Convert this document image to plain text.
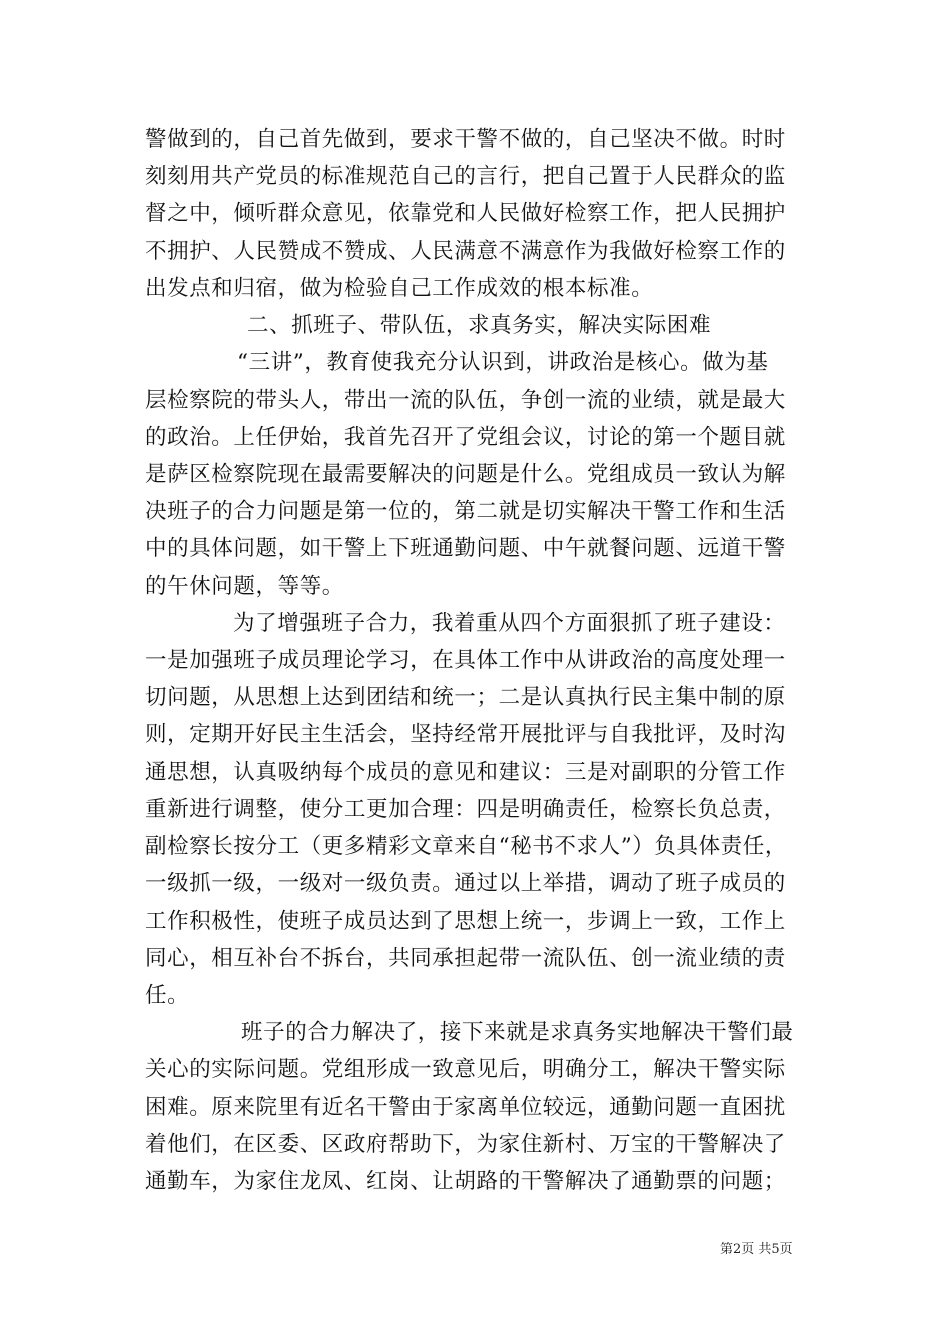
警做到的，自己首先做到，要求干警不做的，自己坚决不做。时时
刻刻用共产党员的标准规范自己的言行，把自己置于人民群众的监
督之中，倾听群众意见，依靠党和人民做好检察工作，把人民拥护
不拥护、人民赞成不赞成、人民满意不满意作为我做好检察工作的
出发点和归宿，做为检验自己工作成效的根本标准。
二、抓班子、带队伍，求真务实，解决实际困难
“三讲”，教育使我充分认识到，讲政治是核心。做为基
层检察院的带头人，带出一流的队伍，争创一流的业绩，就是最大
的政治。上任伊始，我首先召开了党组会议，讨论的第一个题目就
是萨区检察院现在最需要解决的问题是什么。党组成员一致认为解
决班子的合力问题是第一位的，第二就是切实解决干警工作和生活
中的具体问题，如干警上下班通勤问题、中午就餐问题、远道干警
的午休问题，等等。
为了增强班子合力，我着重从四个方面狠抓了班子建设：
一是加强班子成员理论学习，在具体工作中从讲政治的高度处理一
切问题，从思想上达到团结和统一；二是认真执行民主集中制的原
则，定期开好民主生活会，坚持经常开展批评与自我批评，及时沟
通思想，认真吸纳每个成员的意见和建议：三是对副职的分管工作
重新进行调整，使分工更加合理：四是明确责任，检察长负总责，
副检察长按分工（更多精彩文章来自“秘书不求人”）负具体责任，
一级抓一级，一级对一级负责。通过以上举措，调动了班子成员的
工作积极性，使班子成员达到了思想上统一，步调上一致，工作上
同心，相互补台不拆台，共同承担起带一流队伍、创一流业绩的责
任。
班子的合力解决了，接下来就是求真务实地解决干警们最
关心的实际问题。党组形成一致意见后，明确分工，解决干警实际
困难。原来院里有近名干警由于家离单位较远，通勤问题一直困扰
着他们，在区委、区政府帮助下，为家住新村、万宝的干警解决了
通勤车，为家住龙凤、红岗、让胡路的干警解决了通勤票的问题；
第2页 共5页
